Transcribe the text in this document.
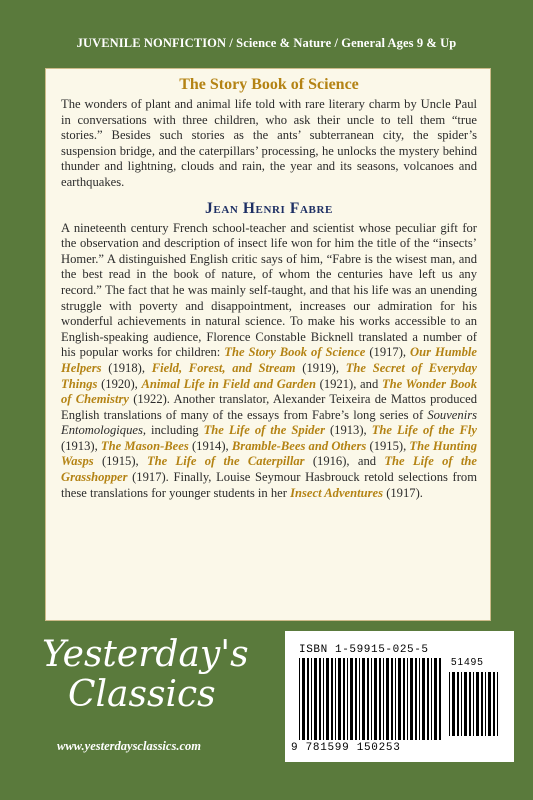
JUVENILE NONFICTION / Science & Nature / General Ages 9 & Up
The Story Book of Science

The wonders of plant and animal life told with rare literary charm by Uncle Paul in conversations with three children, who ask their uncle to tell them “true stories.” Besides such stories as the ants’ subterranean city, the spider’s suspension bridge, and the caterpillars’ processing, he unlocks the mystery behind thunder and lightning, clouds and rain, the year and its seasons, volcanoes and earthquakes.

Jean Henri Fabre

A nineteenth century French school-teacher and scientist whose peculiar gift for the observation and description of insect life won for him the title of the “insects’ Homer.” A distinguished English critic says of him, “Fabre is the wisest man, and the best read in the book of nature, of whom the centuries have left us any record.” The fact that he was mainly self-taught, and that his life was an unending struggle with poverty and disappointment, increases our admiration for his wonderful achievements in natural science. To make his works accessible to an English-speaking audience, Florence Constable Bicknell translated a number of his popular works for children: The Story Book of Science (1917), Our Humble Helpers (1918), Field, Forest, and Stream (1919), The Secret of Everyday Things (1920), Animal Life in Field and Garden (1921), and The Wonder Book of Chemistry (1922). Another translator, Alexander Teixeira de Mattos produced English translations of many of the essays from Fabre’s long series of Souvenirs Entomologiques, including The Life of the Spider (1913), The Life of the Fly (1913), The Mason-Bees (1914), Bramble-Bees and Others (1915), The Hunting Wasps (1915), The Life of the Caterpillar (1916), and The Life of the Grasshopper (1917). Finally, Louise Seymour Hasbrouck retold selections from these translations for younger students in her Insect Adventures (1917).

Yesterday's
Classics
www.yesterdaysclassics.com
ISBN 1-59915-025-5
51495
9 781599 150253
